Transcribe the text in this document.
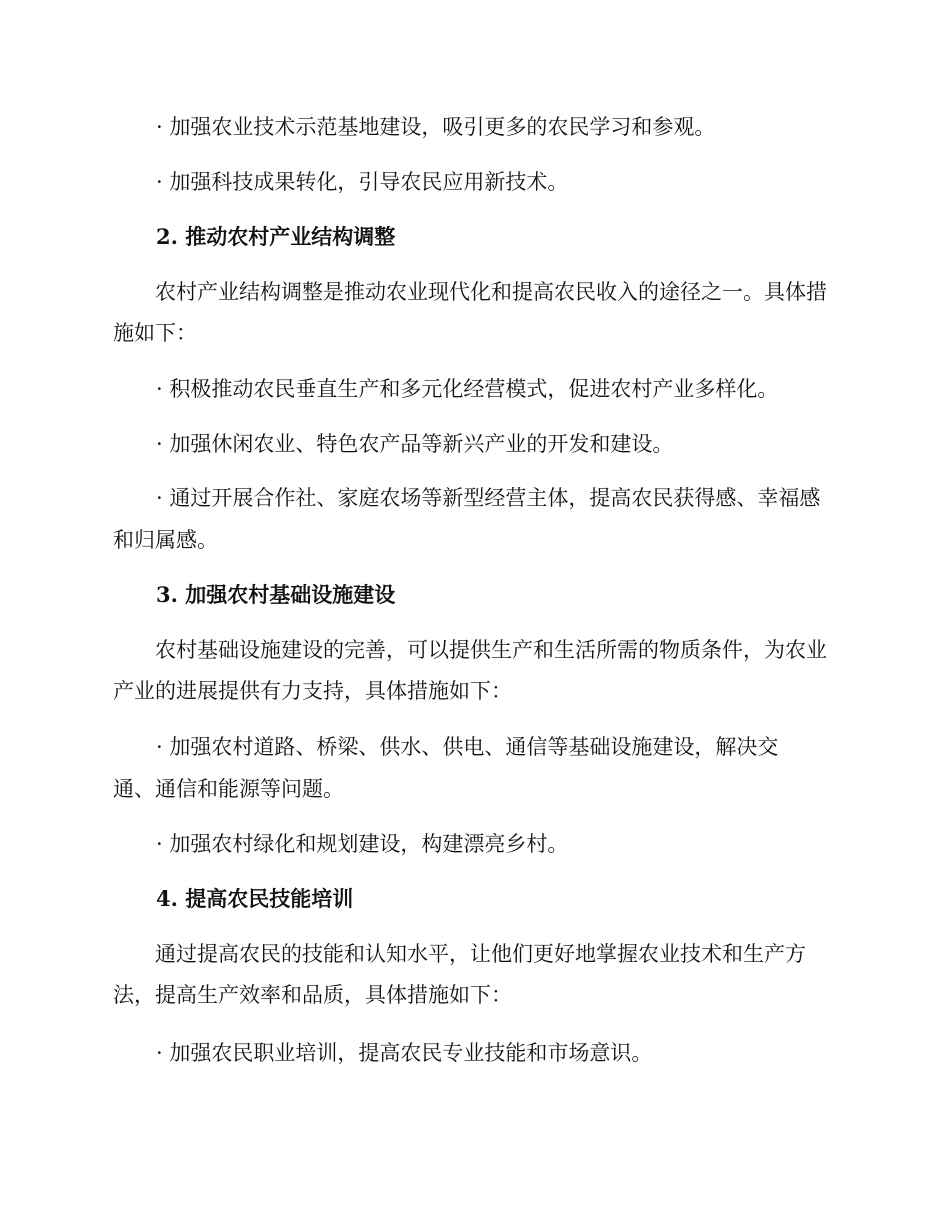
· 加强农业技术示范基地建设，吸引更多的农民学习和参观。

· 加强科技成果转化，引导农民应用新技术。

2. 推动农村产业结构调整

农村产业结构调整是推动农业现代化和提高农民收入的途径之一。具体措施如下：

· 积极推动农民垂直生产和多元化经营模式，促进农村产业多样化。

· 加强休闲农业、特色农产品等新兴产业的开发和建设。

· 通过开展合作社、家庭农场等新型经营主体，提高农民获得感、幸福感和归属感。

3. 加强农村基础设施建设

农村基础设施建设的完善，可以提供生产和生活所需的物质条件，为农业产业的进展提供有力支持，具体措施如下：

· 加强农村道路、桥梁、供水、供电、通信等基础设施建设，解决交通、通信和能源等问题。

· 加强农村绿化和规划建设，构建漂亮乡村。

4. 提高农民技能培训

通过提高农民的技能和认知水平，让他们更好地掌握农业技术和生产方法，提高生产效率和品质，具体措施如下：

· 加强农民职业培训，提高农民专业技能和市场意识。
